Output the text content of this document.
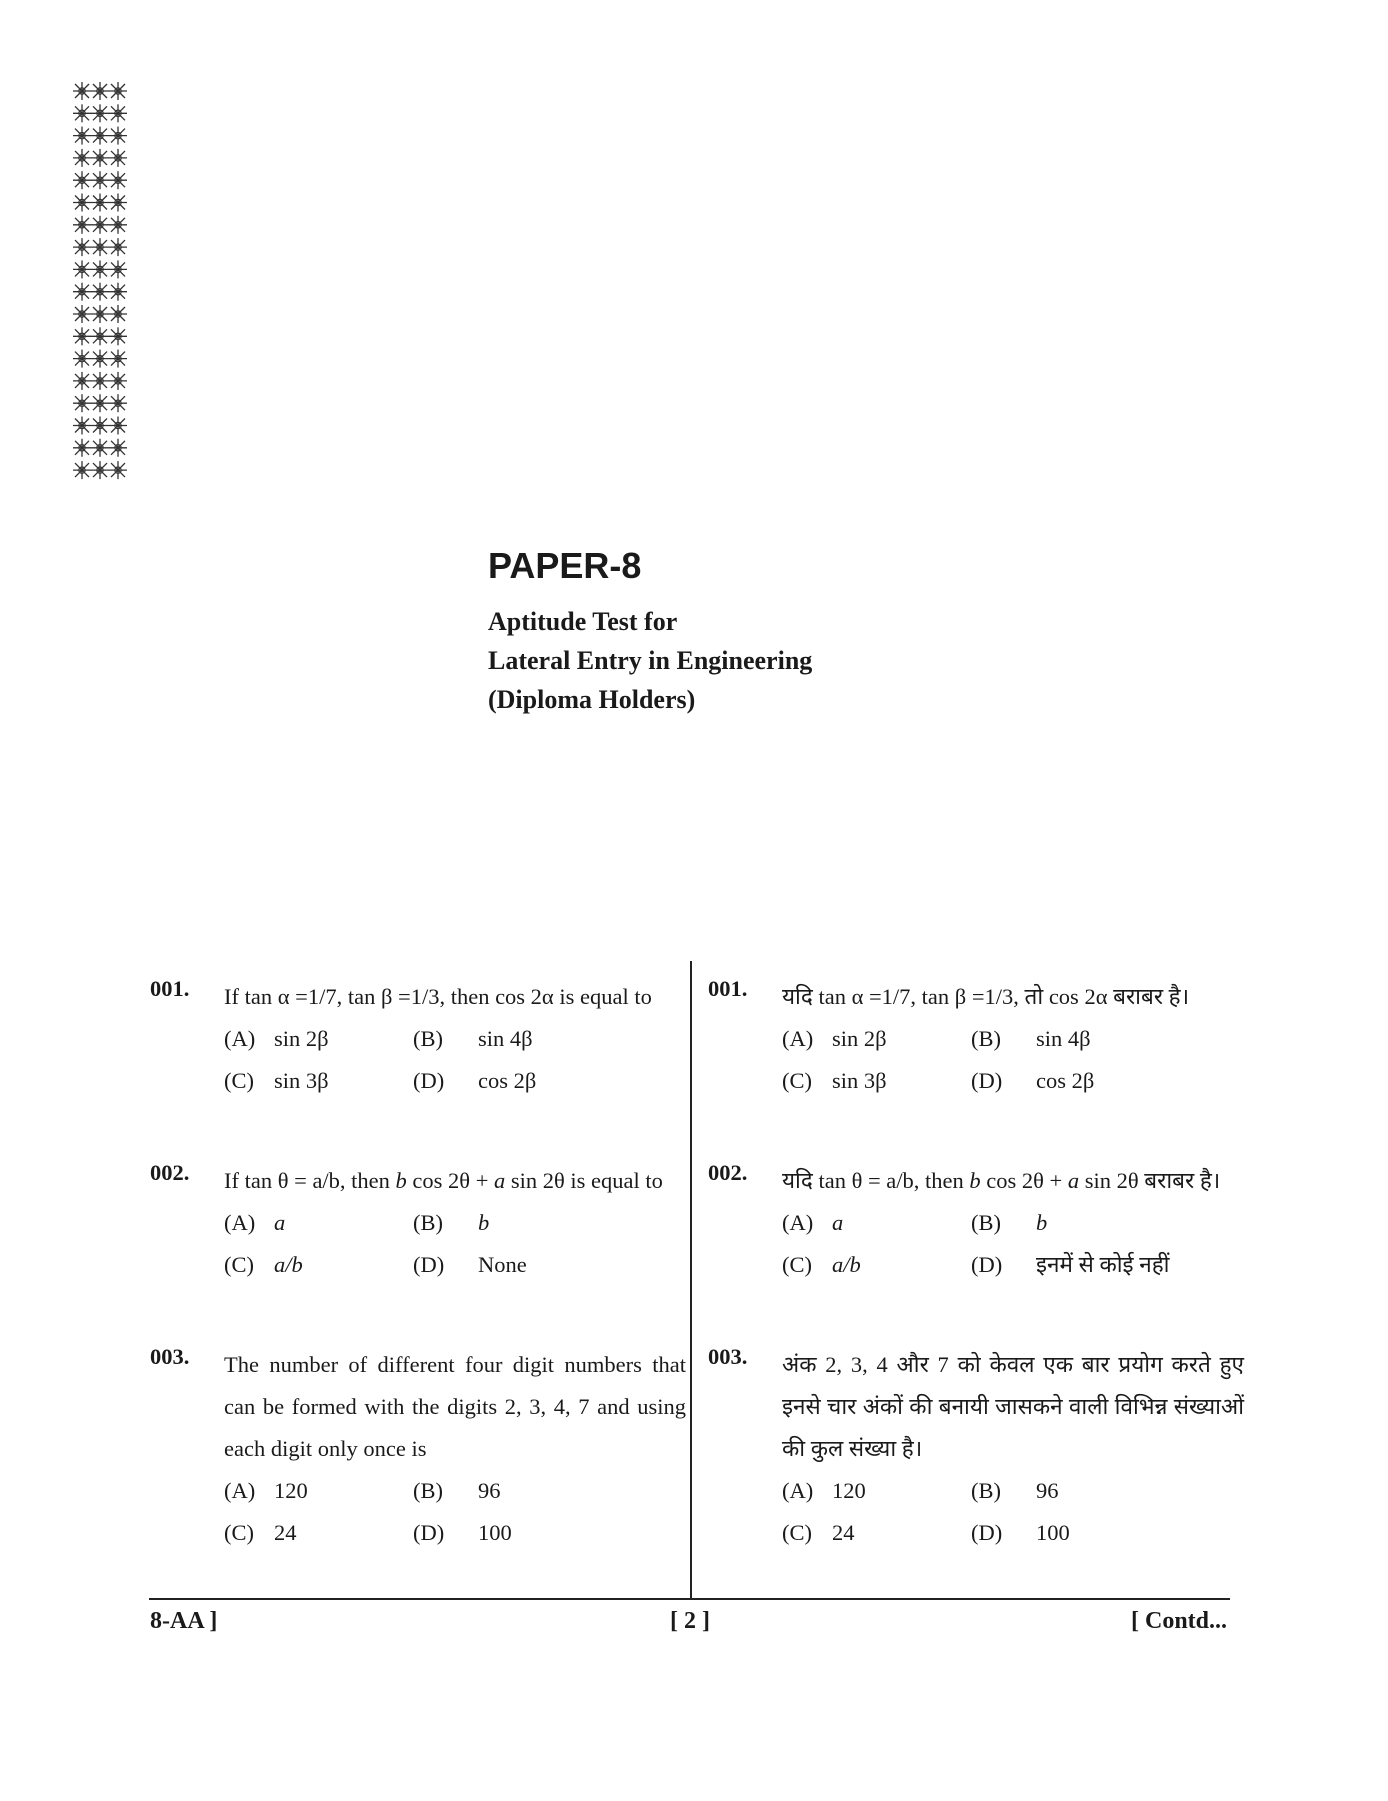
PAPER-8
Aptitude Test for
Lateral Entry in Engineering
(Diploma Holders)
001. If tan α =1/7, tan β =1/3, then cos 2α is equal to
(A) sin 2β	(B) sin 4β
(C) sin 3β	(D) cos 2β
002. If tan θ = a/b, then b cos 2θ + a sin 2θ is equal to
(A) a	(B) b
(C) a/b	(D) None
003. The number of different four digit numbers that can be formed with the digits 2, 3, 4, 7 and using each digit only once is
(A) 120	(B) 96
(C) 24	(D) 100
001. यदि tan α =1/7, tan β =1/3, तो cos 2α बराबर है।
(A) sin 2β	(B) sin 4β
(C) sin 3β	(D) cos 2β
002. यदि tan θ = a/b, then b cos 2θ + a sin 2θ बराबर है।
(A) a	(B) b
(C) a/b	(D) इनमें से कोई नहीं
003. अंक 2, 3, 4 और 7 को केवल एक बार प्रयोग करते हुए इनसे चार अंकों की बनायी जासकने वाली विभिन्न संख्याओं की कुल संख्या है।
(A) 120	(B) 96
(C) 24	(D) 100
8-AA ]	[ 2 ]	[ Contd...
